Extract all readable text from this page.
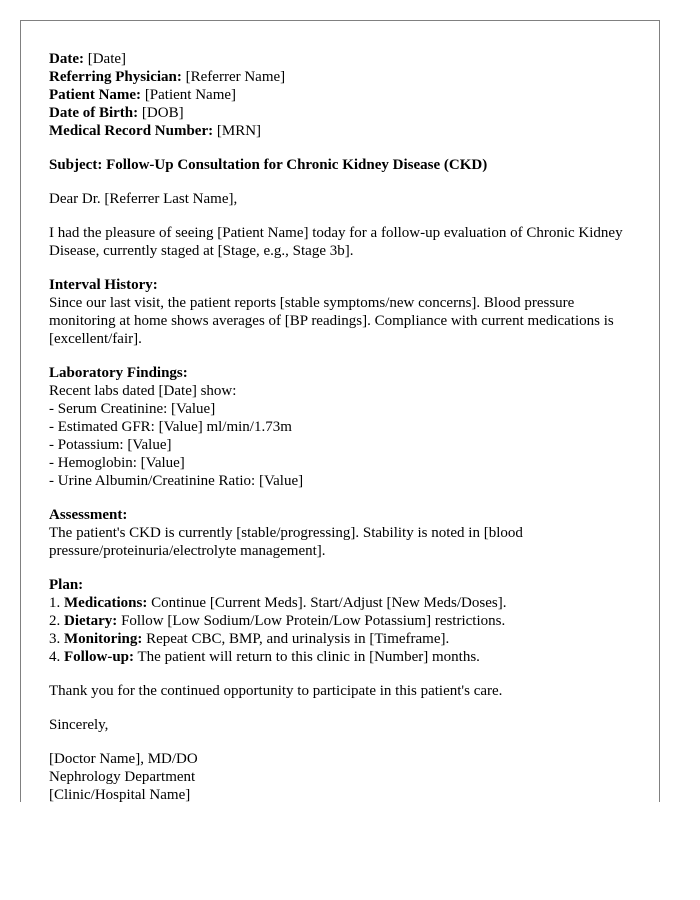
Date: [Date]
Referring Physician: [Referrer Name]
Patient Name: [Patient Name]
Date of Birth: [DOB]
Medical Record Number: [MRN]

Subject: Follow-Up Consultation for Chronic Kidney Disease (CKD)

Dear Dr. [Referrer Last Name],

I had the pleasure of seeing [Patient Name] today for a follow-up evaluation of Chronic Kidney Disease, currently staged at [Stage, e.g., Stage 3b].

Interval History:
Since our last visit, the patient reports [stable symptoms/new concerns]. Blood pressure monitoring at home shows averages of [BP readings]. Compliance with current medications is [excellent/fair].
Laboratory Findings:
Recent labs dated [Date] show:
- Serum Creatinine: [Value]
- Estimated GFR: [Value] ml/min/1.73m
- Potassium: [Value]
- Hemoglobin: [Value]
- Urine Albumin/Creatinine Ratio: [Value]
Assessment:
The patient's CKD is currently [stable/progressing]. Stability is noted in [blood pressure/proteinuria/electrolyte management].
Plan:
1. Medications: Continue [Current Meds]. Start/Adjust [New Meds/Doses].
2. Dietary: Follow [Low Sodium/Low Protein/Low Potassium] restrictions.
3. Monitoring: Repeat CBC, BMP, and urinalysis in [Timeframe].
4. Follow-up: The patient will return to this clinic in [Number] months.

Thank you for the continued opportunity to participate in this patient's care.

Sincerely,

[Doctor Name], MD/DO
Nephrology Department
[Clinic/Hospital Name]
